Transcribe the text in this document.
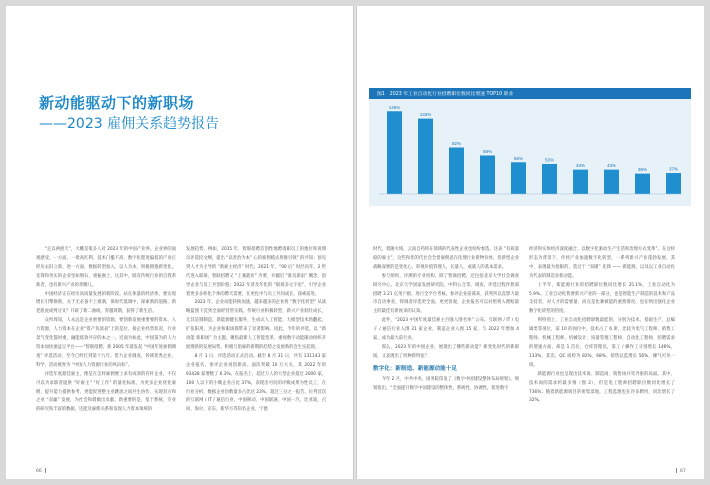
新动能驱动下的新职场
——2023 雇佣关系趋势报告

“走以两重天”，大概是很多人对 2023 年的中国产业界。企业界的面观感受。一方面，一批高红利、技术门槛不高、数字化程度偏低的产业正经历去旧立新、逆一方面，数据转型加入、以人为本、积极拥抱新变化。先锋和务实的企业坚如磐石，重振旗上，这其中，既有传统行业的自我革新者，也有新兴产业的奔腾儿。

中国经济正在经历高质量发展的新阶段。站在体量的经济体，要实现增长引擎换新，关于无必备不上难满，保时代低调中，探索新的道路，新老旅虎成判分叉？开辟了新二曲线，穿越周期，获得了新生活。

众所周知，人永远是企业重要的资源，要创新发展重要要的资本。人力资源，人力资本在企业“资产负债表”上的是位，接企业经营状况，行业景气变化都时重，融能低效共存的本之一。近面为如此，中国第为的人力资本加快速益呈平台——“智联招聘，新 2005 年就发起 “中国年度雇佣调查” 评选活动，至今已经打到第十九年。借力企业调查，各域优秀企业，科学，活动被誉为 “中国人力资源行业的风向标”。

评选年度最佳雇主，像是在怎样雇佣要上求有成效的有杆企业，不仅可以为求职者提供 “好雇主” “好工作” 的量化标准，为更多企业优化雇佣、提升能力提供参考，更能促进整主业跳思之间共生协作，实现双方和之业 “双赢” 发展，为社会和谐做出贡献。新重要的是，基于系统，专业的研究和丰富的数据，还能及雇佣关系和发现人力资本领域的

发展趋势，例如，2015 年，智联招聘首创性地聘请职员工的地位和说佣员评选投文纲，提出 “以善治为本” 心的雇佣模式将推引领” 的共知；预见到人才为主导的 “新雇主经济” 时代；2021 年，“00 后” 时层向年，2 世代进入职场，智联招聘又 “上兼就业” 为要，开疆启 “准员新雨” 概念，倡导企业与员工共创价值；2022 年普及年化的 “职场多元宇宙”，引导企业着更多多样化个体的聘天需要，在更化中与员工共同成长，探索前进。

2023 年，企业动能转换加速，越来越多的企业将 “数字化转型” 从战略蓝图下沉到全面经营管实践，传统行业积极转型，新兴产业洞灶成长，无其是制制造，新能源健长服外，生成式人工智能，大模型技术勃翻起，扩张阳用，为企业和职场都带来了显著影响。因此，今年的评选，以 “新动能 新职场” 为主题，聚焦最新人工智能变革，重视数字动能随动组织开展理新的发展局势，积极与倡雇的新期的趋势之发展新的会生实起现。

8 月 1 日，评选活动正式启动。截至 8 月 31 日，共有 131143 家企业报名，参评企业再创新高。面次突破 10 万大关，其 2022 年的 93428 家增数了 6.3%。在报名上，超过万人的大型企业超过 2000 家，100 人以下的小微企业占比 37%，表现出可问的评级成果为性员工，在行业分析，数据企业份数量多占比达 23%，超过三分之一报告。位列首次的互联网 / IT / 通信行业，中国移动、中国联通、中国一汽、比亚迪，召回、海尔、京东，新华方等知名企业，宁德

66
图1　2023 年工业自动化行业招聘职位数同比增速 TOP10 职业
146%
133%
82%
68%
56%	53%
43%	43%
36%	37%

时代，着随火域，云南自药将在领域的代表性企业也纷纷参选。这表 “有质量稳的雇主”，这些和优的代社会全着雇佣意在化理行业新物价体，但新型企业战略深要的是变化心，彰视价值管理人，长量人，成就人的基本需求。

参与组织，评测的专业机构，除了智联招聘，还包括北京大学社会调查研究中心，北京大学国家发展研究院，中科公合等。调查，评选过程作智部招聘 3.21 亿用户群，进行全平台考核，参评企业前裁来，获奖所以直影力最市自功事业，得调者评选更全面，更更客观，企业报名可以对照将入理赔最主的最佳有新视来的认知。

此外，“2023 中国年度最佳雇主百强人围名单” 公布。互联网 / IT / 电子 / 通信行业入围 21 家企业，制造企业入围 15 家，与 2022 年增加 4 家，成为最大前行业。

那么，2023 年的中国企业，展现出了哪些新动能？新变化时代的新职场，又表现出了何种新特征？

数字化：新制造、新能源动能十足

今年 2 月，中共中央、国务院印发了《数字中国建设整体布局规划》。规划指出，“全面提升数字中国建设的整体性、系统性、协调性，促进数字

经济和实体经济深度融合，以数字化驱动生产生活和治理方式变革”。在这样形态为背景下，作经产业加速数字化转型，一系列新兴产业蓬勃发展，其中，表现最为抢眼的，莫过于 “双碳” 先锋 —— 新能源，以及以工业自动化为代表的制造业新动能。

上半年，新能源行业的招聘职位数同比增长 35.1%，工业自动化为 5.9%。工业自动化我要新兴产业的一部分，也是智能生产制造的技术和产品支持者，对人才的需要量，而点是比赛被能的重熟情况，也在纳出强化企业数字化转型的热度。

则特别上，工业自动化招聘职数最能的，分别为技术，基础生产，总编辑类等岗位，前 10 的岗位中，技术占了 6 席，比较为电气工程师、销售工程师、机械工程师、机械设计、质量管理工程师、自动化工程师，招聘需求的增速方面，却是 1 首位，仓库管理员，第工 / 操作工分别增长 146%，133%，其次，QC 质检为 82%，68%。销售总监增长 56%，操气可见一斑。

新能源行业也呈现出技术岗、制造岗、销售岗并驾齐驱的局面。其中，技术岗的需求约最多情（图 2），但是电工程师招聘职位数同比增长了 736%；随着新能源项目的密集落地，工程监理也在冷多聘用，同比增长了 32%。

67
